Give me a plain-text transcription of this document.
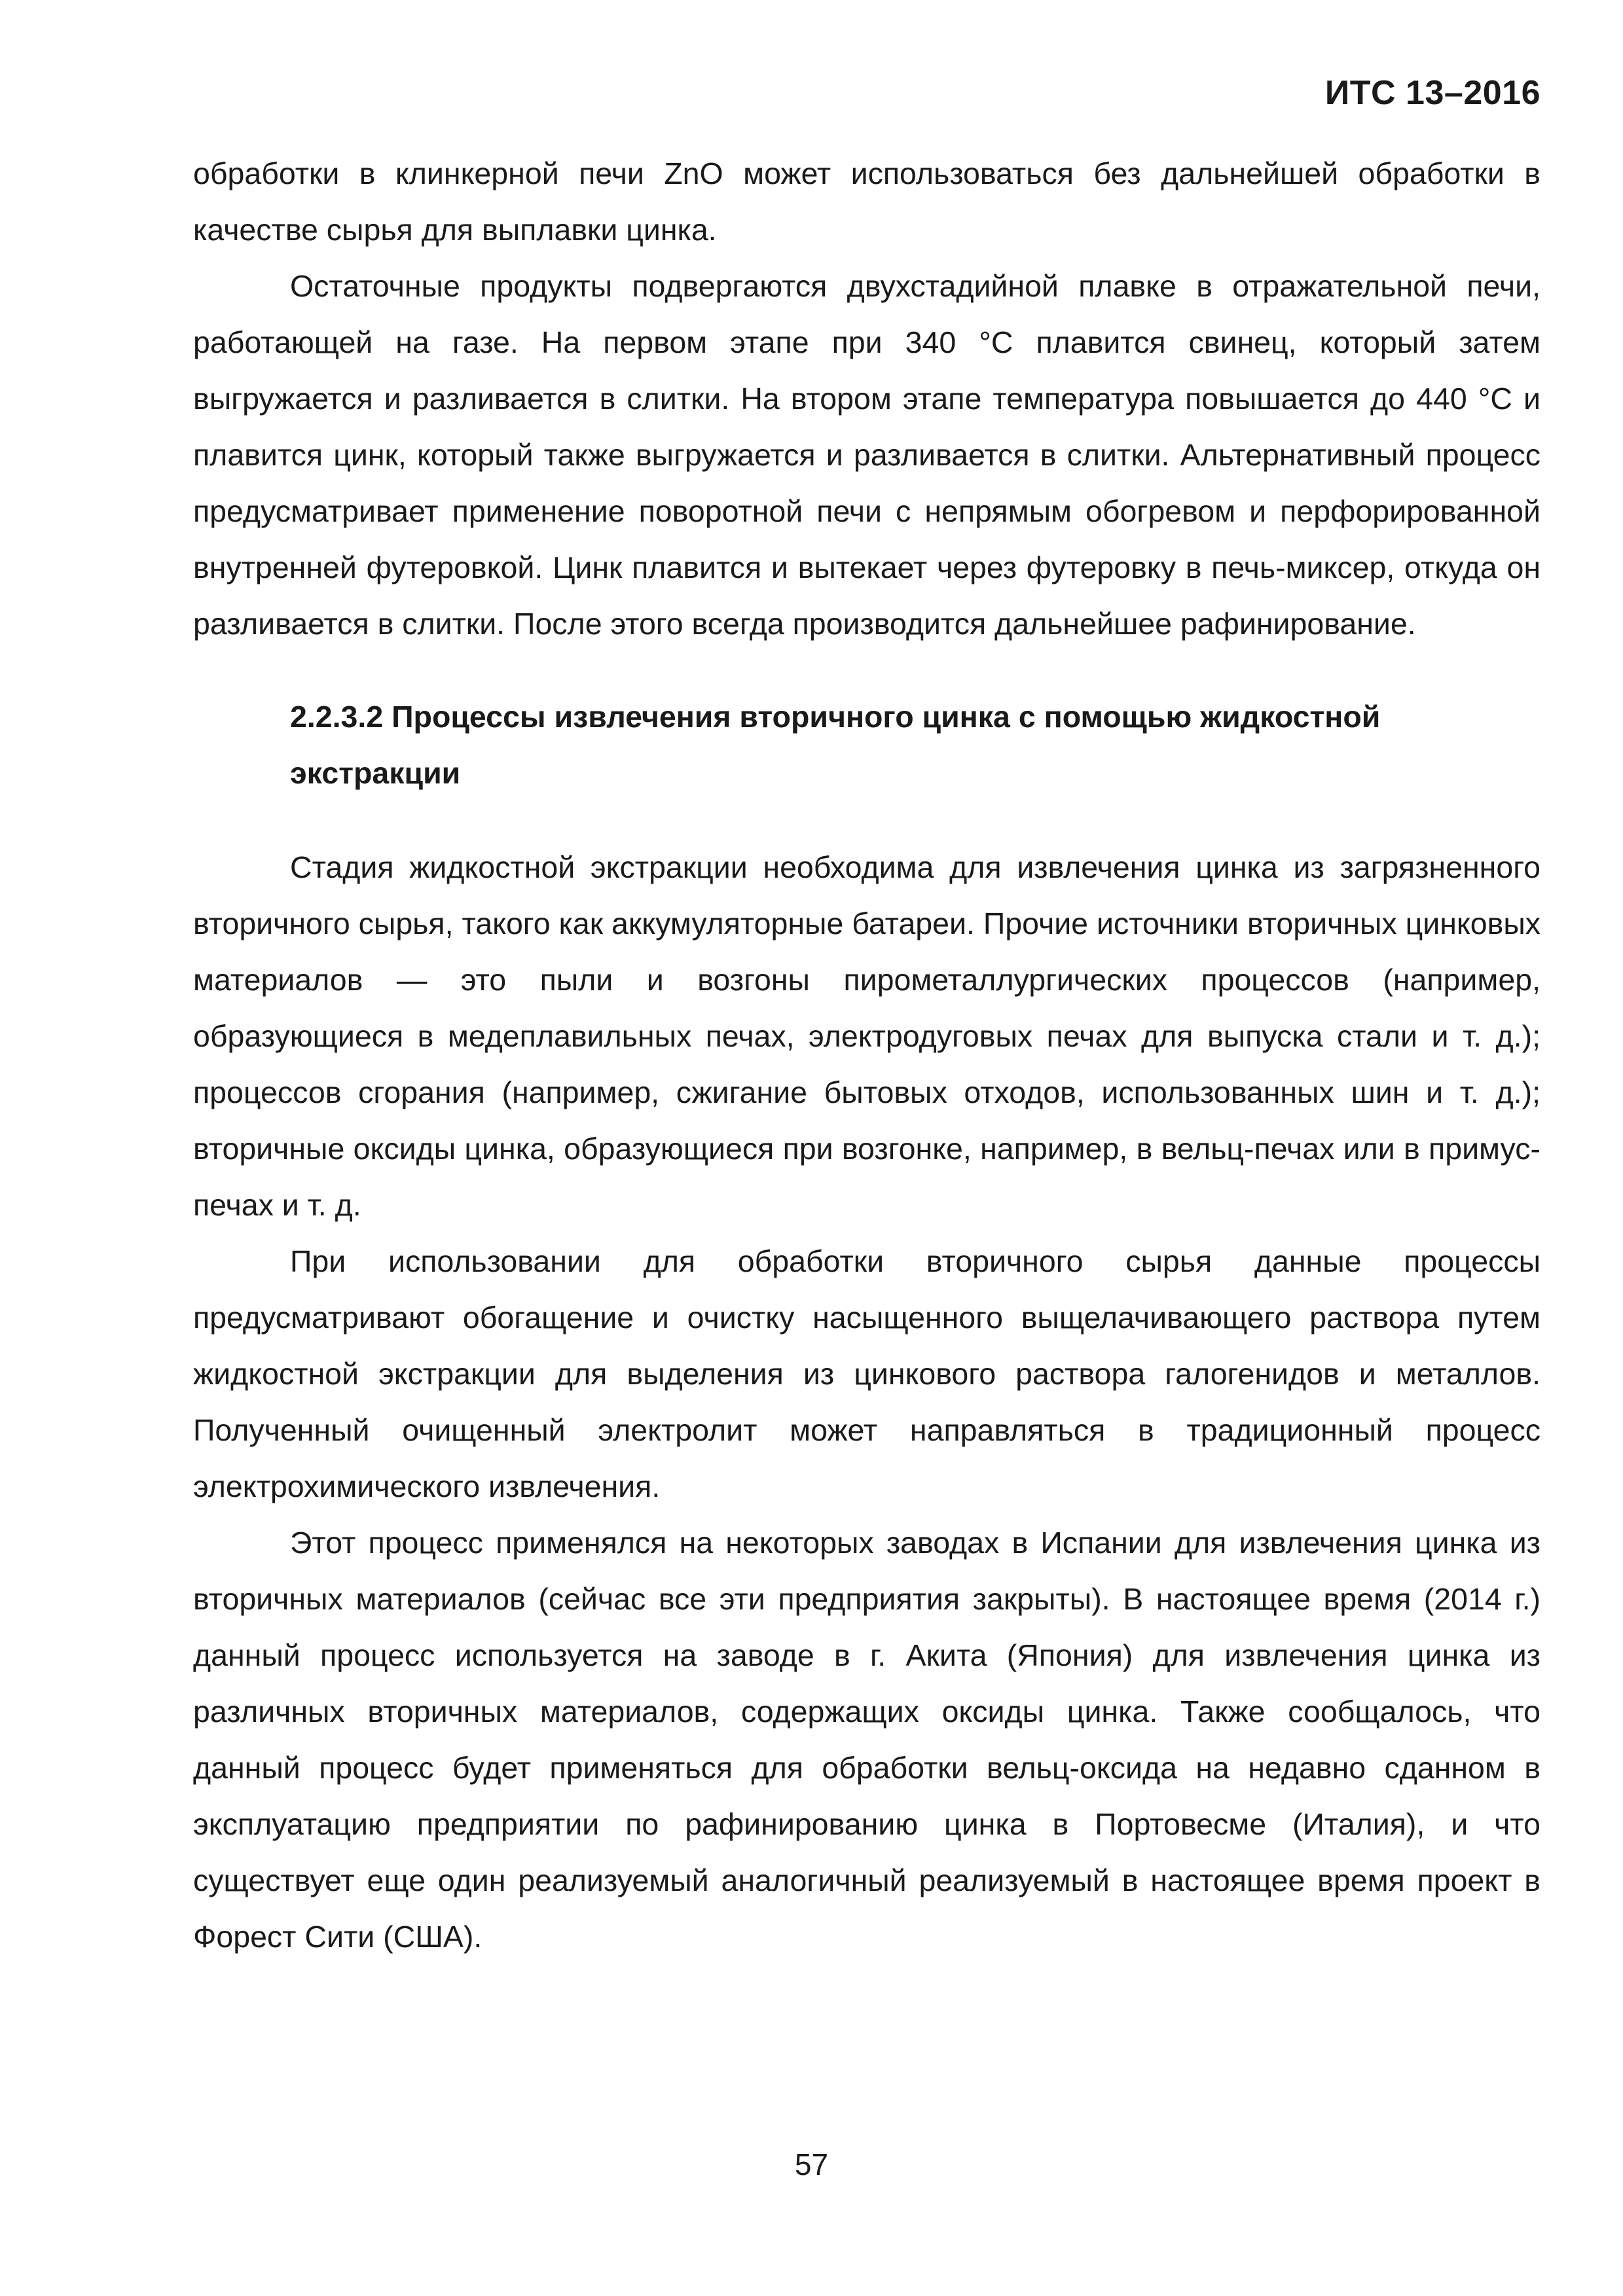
ИТС 13–2016

обработки в клинкерной печи ZnO может использоваться без дальнейшей обработки в качестве сырья для выплавки цинка.

Остаточные продукты подвергаются двухстадийной плавке в отражательной печи, работающей на газе. На первом этапе при 340 °C плавится свинец, который затем выгружается и разливается в слитки. На втором этапе температура повышается до 440 °C и плавится цинк, который также выгружается и разливается в слитки. Альтернативный процесс предусматривает применение поворотной печи с непрямым обогревом и перфорированной внутренней футеровкой. Цинк плавится и вытекает через футеровку в печь-миксер, откуда он разливается в слитки. После этого всегда производится дальнейшее рафинирование.

2.2.3.2 Процессы извлечения вторичного цинка с помощью жидкостной экстракции

Стадия жидкостной экстракции необходима для извлечения цинка из загрязненного вторичного сырья, такого как аккумуляторные батареи. Прочие источники вторичных цинковых материалов — это пыли и возгоны пирометаллургических процессов (например, образующиеся в медеплавильных печах, электродуговых печах для выпуска стали и т. д.); процессов сгорания (например, сжигание бытовых отходов, использованных шин и т. д.); вторичные оксиды цинка, образующиеся при возгонке, например, в вельц-печах или в примус-печах и т. д.

При использовании для обработки вторичного сырья данные процессы предусматривают обогащение и очистку насыщенного выщелачивающего раствора путем жидкостной экстракции для выделения из цинкового раствора галогенидов и металлов. Полученный очищенный электролит может направляться в традиционный процесс электрохимического извлечения.

Этот процесс применялся на некоторых заводах в Испании для извлечения цинка из вторичных материалов (сейчас все эти предприятия закрыты). В настоящее время (2014 г.) данный процесс используется на заводе в г. Акита (Япония) для извлечения цинка из различных вторичных материалов, содержащих оксиды цинка. Также сообщалось, что данный процесс будет применяться для обработки вельц-оксида на недавно сданном в эксплуатацию предприятии по рафинированию цинка в Портовесме (Италия), и что существует еще один реализуемый аналогичный реализуемый в настоящее время проект в Форест Сити (США).

57
